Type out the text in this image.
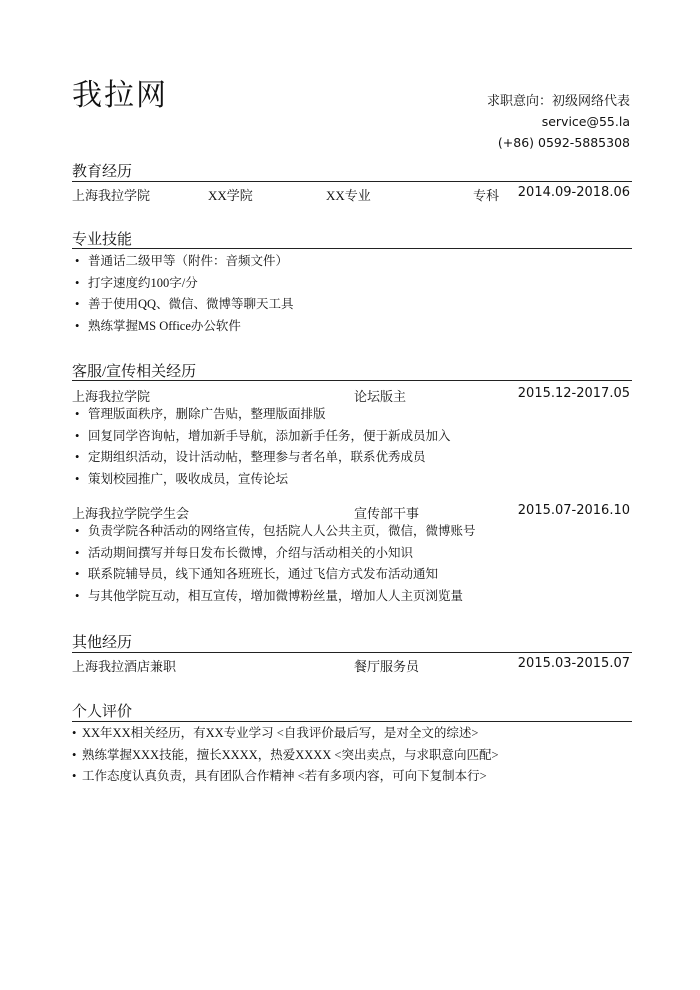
我拉网	求职意向：初级网络代表
service@55.la
(+86) 0592-5885308
教育经历
上海我拉学院	XX学院	XX专业	专科 2014.09-2018.06
专业技能
• 普通话二级甲等（附件：音频文件）
• 打字速度约100字/分
• 善于使用QQ、微信、微博等聊天工具
• 熟练掌握MS Office办公软件
客服/宣传相关经历
上海我拉学院	论坛版主	2015.12-2017.05
• 管理版面秩序，删除广告贴，整理版面排版
• 回复同学咨询帖，增加新手导航，添加新手任务，便于新成员加入
• 定期组织活动，设计活动帖，整理参与者名单，联系优秀成员
• 策划校园推广，吸收成员，宣传论坛
上海我拉学院学生会	宣传部干事	2015.07-2016.10
• 负责学院各种活动的网络宣传，包括院人人公共主页，微信，微博账号
• 活动期间撰写并每日发布长微博，介绍与活动相关的小知识
• 联系院辅导员，线下通知各班班长，通过飞信方式发布活动通知
• 与其他学院互动，相互宣传，增加微博粉丝量，增加人人主页浏览量
其他经历
上海我拉酒店兼职	餐厅服务员	2015.03-2015.07
个人评价
• XX年XX相关经历，有XX专业学习 <自我评价最后写，是对全文的综述>
• 熟练掌握XXX技能，擅长XXXX，热爱XXXX <突出卖点，与求职意向匹配>
• 工作态度认真负责，具有团队合作精神 <若有多项内容，可向下复制本行>
